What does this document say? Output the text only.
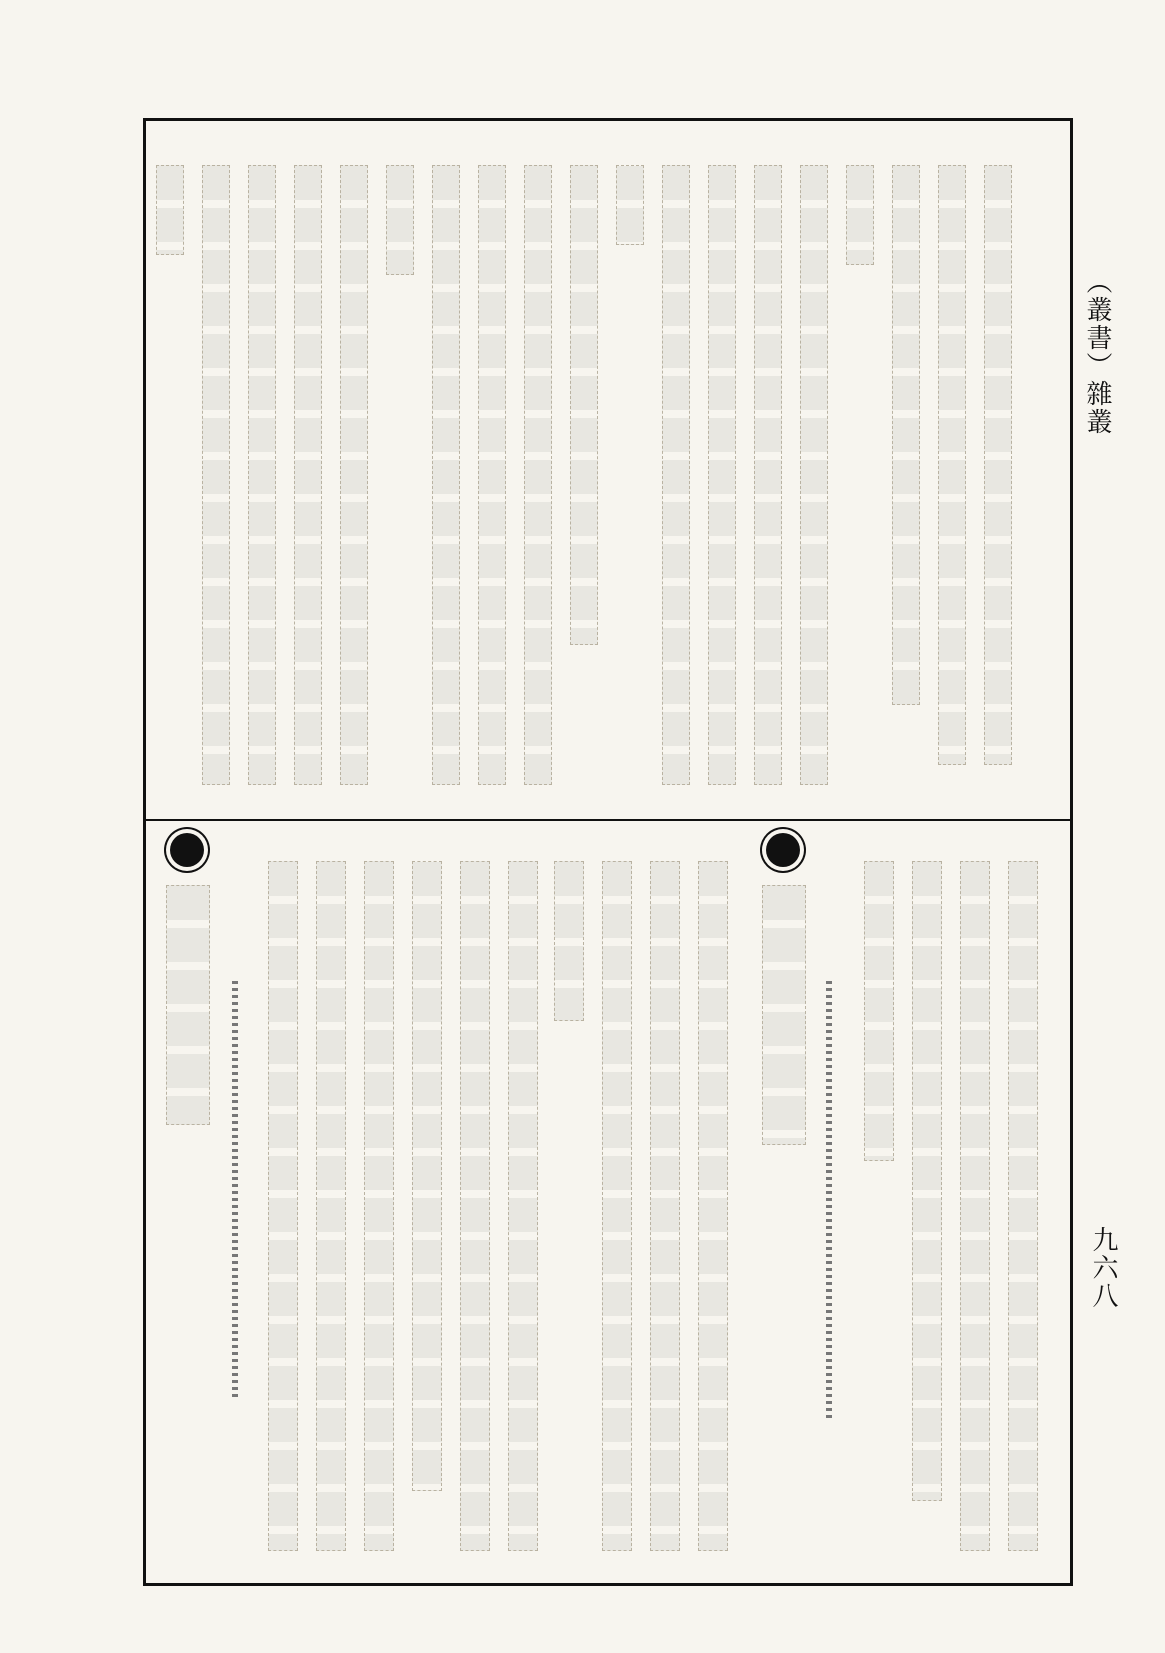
（叢書）雜叢
九六八
